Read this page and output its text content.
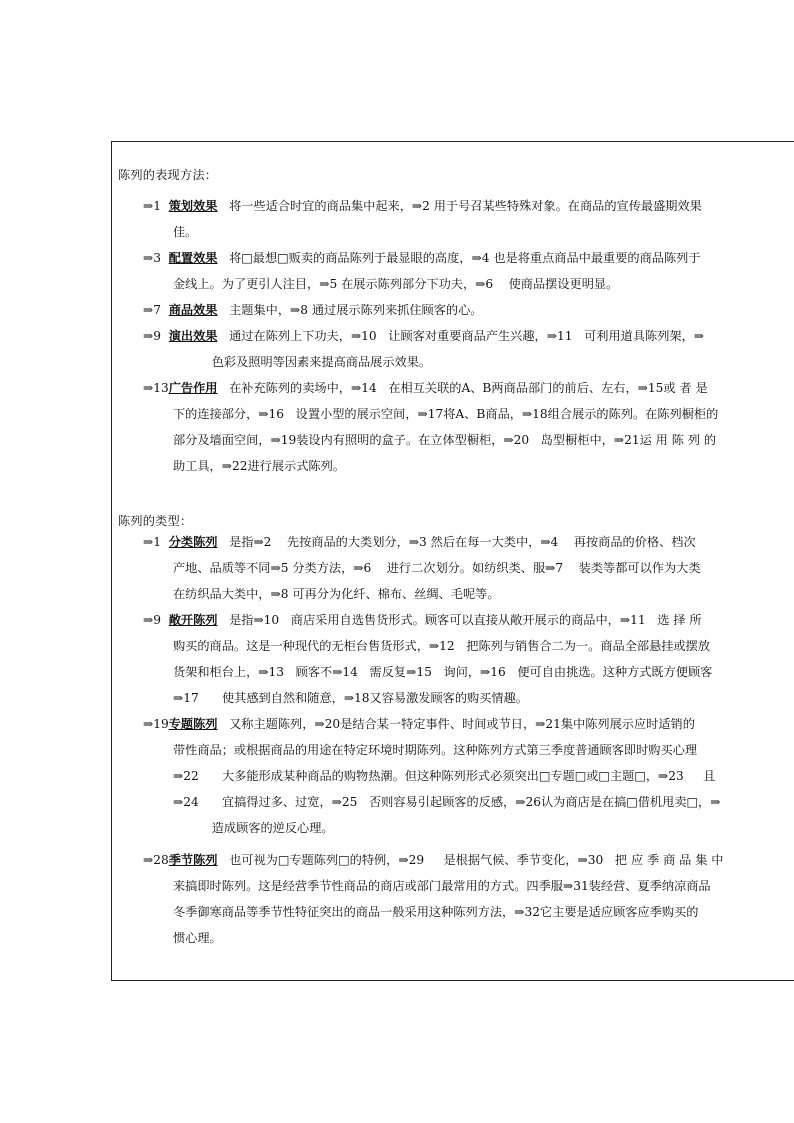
陈列的表现方法：
⇒1  策划效果   将一些适合时宜的商品集中起来，⇒2 用于号召某些特殊对象。在商品的宣传最盛期效果
佳。
⇒3  配置效果   将□最想□贩卖的商品陈列于最显眼的高度，⇒4 也是将重点商品中最重要的商品陈列于
金线上。为了更引人注目，⇒5 在展示陈列部分下功夫，⇒6    使商品摆设更明显。
⇒7  商品效果   主题集中，⇒8 通过展示陈列来抓住顾客的心。
⇒9  演出效果   通过在陈列上下功夫，⇒10   让顾客对重要商品产生兴趣，⇒11   可利用道具陈列架，⇒
色彩及照明等因素来提高商品展示效果。
⇒13广告作用   在补充陈列的卖场中，⇒14   在相互关联的A、B两商品部门的前后、左右，⇒15或 者 是
下的连接部分，⇒16   设置小型的展示空间，⇒17将A、B商品，⇒18组合展示的陈列。在陈列橱柜的
部分及墙面空间，⇒19装设内有照明的盒子。在立体型橱柜，⇒20   岛型橱柜中，⇒21运 用 陈 列 的
助工具，⇒22进行展示式陈列。
陈列的类型：
⇒1  分类陈列   是指⇒2    先按商品的大类划分，⇒3 然后在每一大类中，⇒4    再按商品的价格、档次
产地、品质等不同⇒5 分类方法，⇒6    进行二次划分。如纺织类、服⇒7    装类等都可以作为大类
在纺织品大类中，⇒8 可再分为化纤、棉布、丝绸、毛呢等。
⇒9  敞开陈列   是指⇒10   商店采用自选售货形式。顾客可以直接从敞开展示的商品中，⇒11   选 择 所
购买的商品。这是一种现代的无柜台售货形式，⇒12   把陈列与销售合二为一。商品全部悬挂或摆放
货架和柜台上，⇒13   顾客不⇒14   需反复⇒15   询问，⇒16   便可自由挑选。这种方式既方便顾客
⇒17      使其感到自然和随意，⇒18又容易激发顾客的购买情趣。
⇒19专题陈列   又称主题陈列，⇒20是结合某一特定事件、时间或节日，⇒21集中陈列展示应时适销的
带性商品；或根据商品的用途在特定环境时期陈列。这种陈列方式第三季度普通顾客即时购买心理
⇒22      大多能形成某种商品的购物热潮。但这种陈列形式必须突出□专题□或□主题□，⇒23     且
⇒24      宜搞得过多、过宽，⇒25   否则容易引起顾客的反感，⇒26认为商店是在搞□借机甩卖□，⇒
造成顾客的逆反心理。
⇒28季节陈列   也可视为□专题陈列□的特例，⇒29     是根据气候、季节变化，⇒30   把 应 季 商 品 集 中
来搞即时陈列。这是经营季节性商品的商店或部门最常用的方式。四季服⇒31装经营、夏季纳凉商品
冬季御寒商品等季节性特征突出的商品一般采用这种陈列方法，⇒32它主要是适应顾客应季购买的
惯心理。
